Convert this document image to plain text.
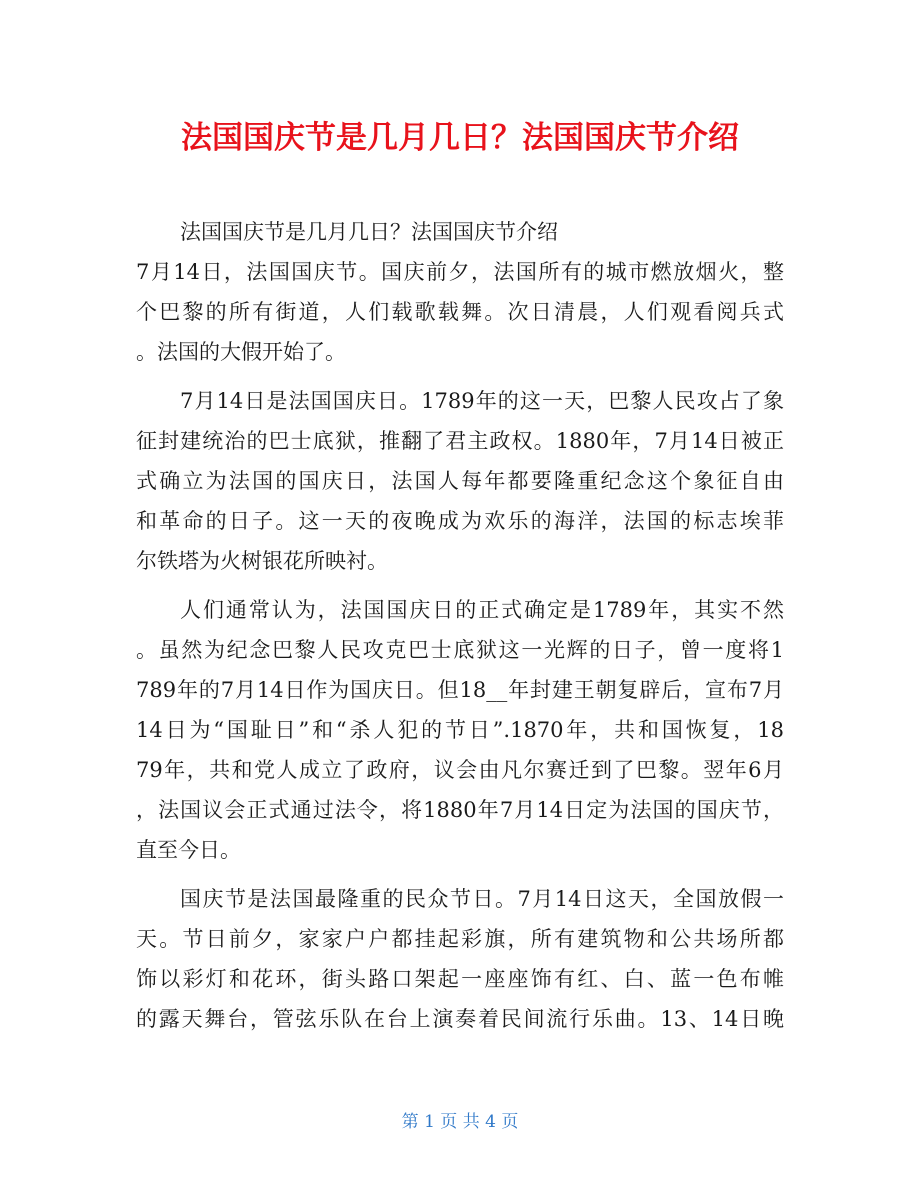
法国国庆节是几月几日？法国国庆节介绍
法国国庆节是几月几日？法国国庆节介绍
7月14日，法国国庆节。国庆前夕，法国所有的城市燃放烟火，整
个巴黎的所有街道，人们载歌载舞。次日清晨，人们观看阅兵式
。法国的大假开始了。
7月14日是法国国庆日。1789年的这一天，巴黎人民攻占了象
征封建统治的巴士底狱，推翻了君主政权。1880年，7月14日被正
式确立为法国的国庆日，法国人每年都要隆重纪念这个象征自由
和革命的日子。这一天的夜晚成为欢乐的海洋，法国的标志埃菲
尔铁塔为火树银花所映衬。
人们通常认为，法国国庆日的正式确定是1789年，其实不然
。虽然为纪念巴黎人民攻克巴士底狱这一光辉的日子，曾一度将1
789年的7月14日作为国庆日。但18__年封建王朝复辟后，宣布7月
14日为“国耻日”和“杀人犯的节日”.1870年，共和国恢复，18
79年，共和党人成立了政府，议会由凡尔赛迁到了巴黎。翌年6月
，法国议会正式通过法令，将1880年7月14日定为法国的国庆节，
直至今日。
国庆节是法国最隆重的民众节日。7月14日这天，全国放假一
天。节日前夕，家家户户都挂起彩旗，所有建筑物和公共场所都
饰以彩灯和花环，街头路口架起一座座饰有红、白、蓝一色布帷
的露天舞台，管弦乐队在台上演奏着民间流行乐曲。13、14日晚
第 1 页 共 4 页
